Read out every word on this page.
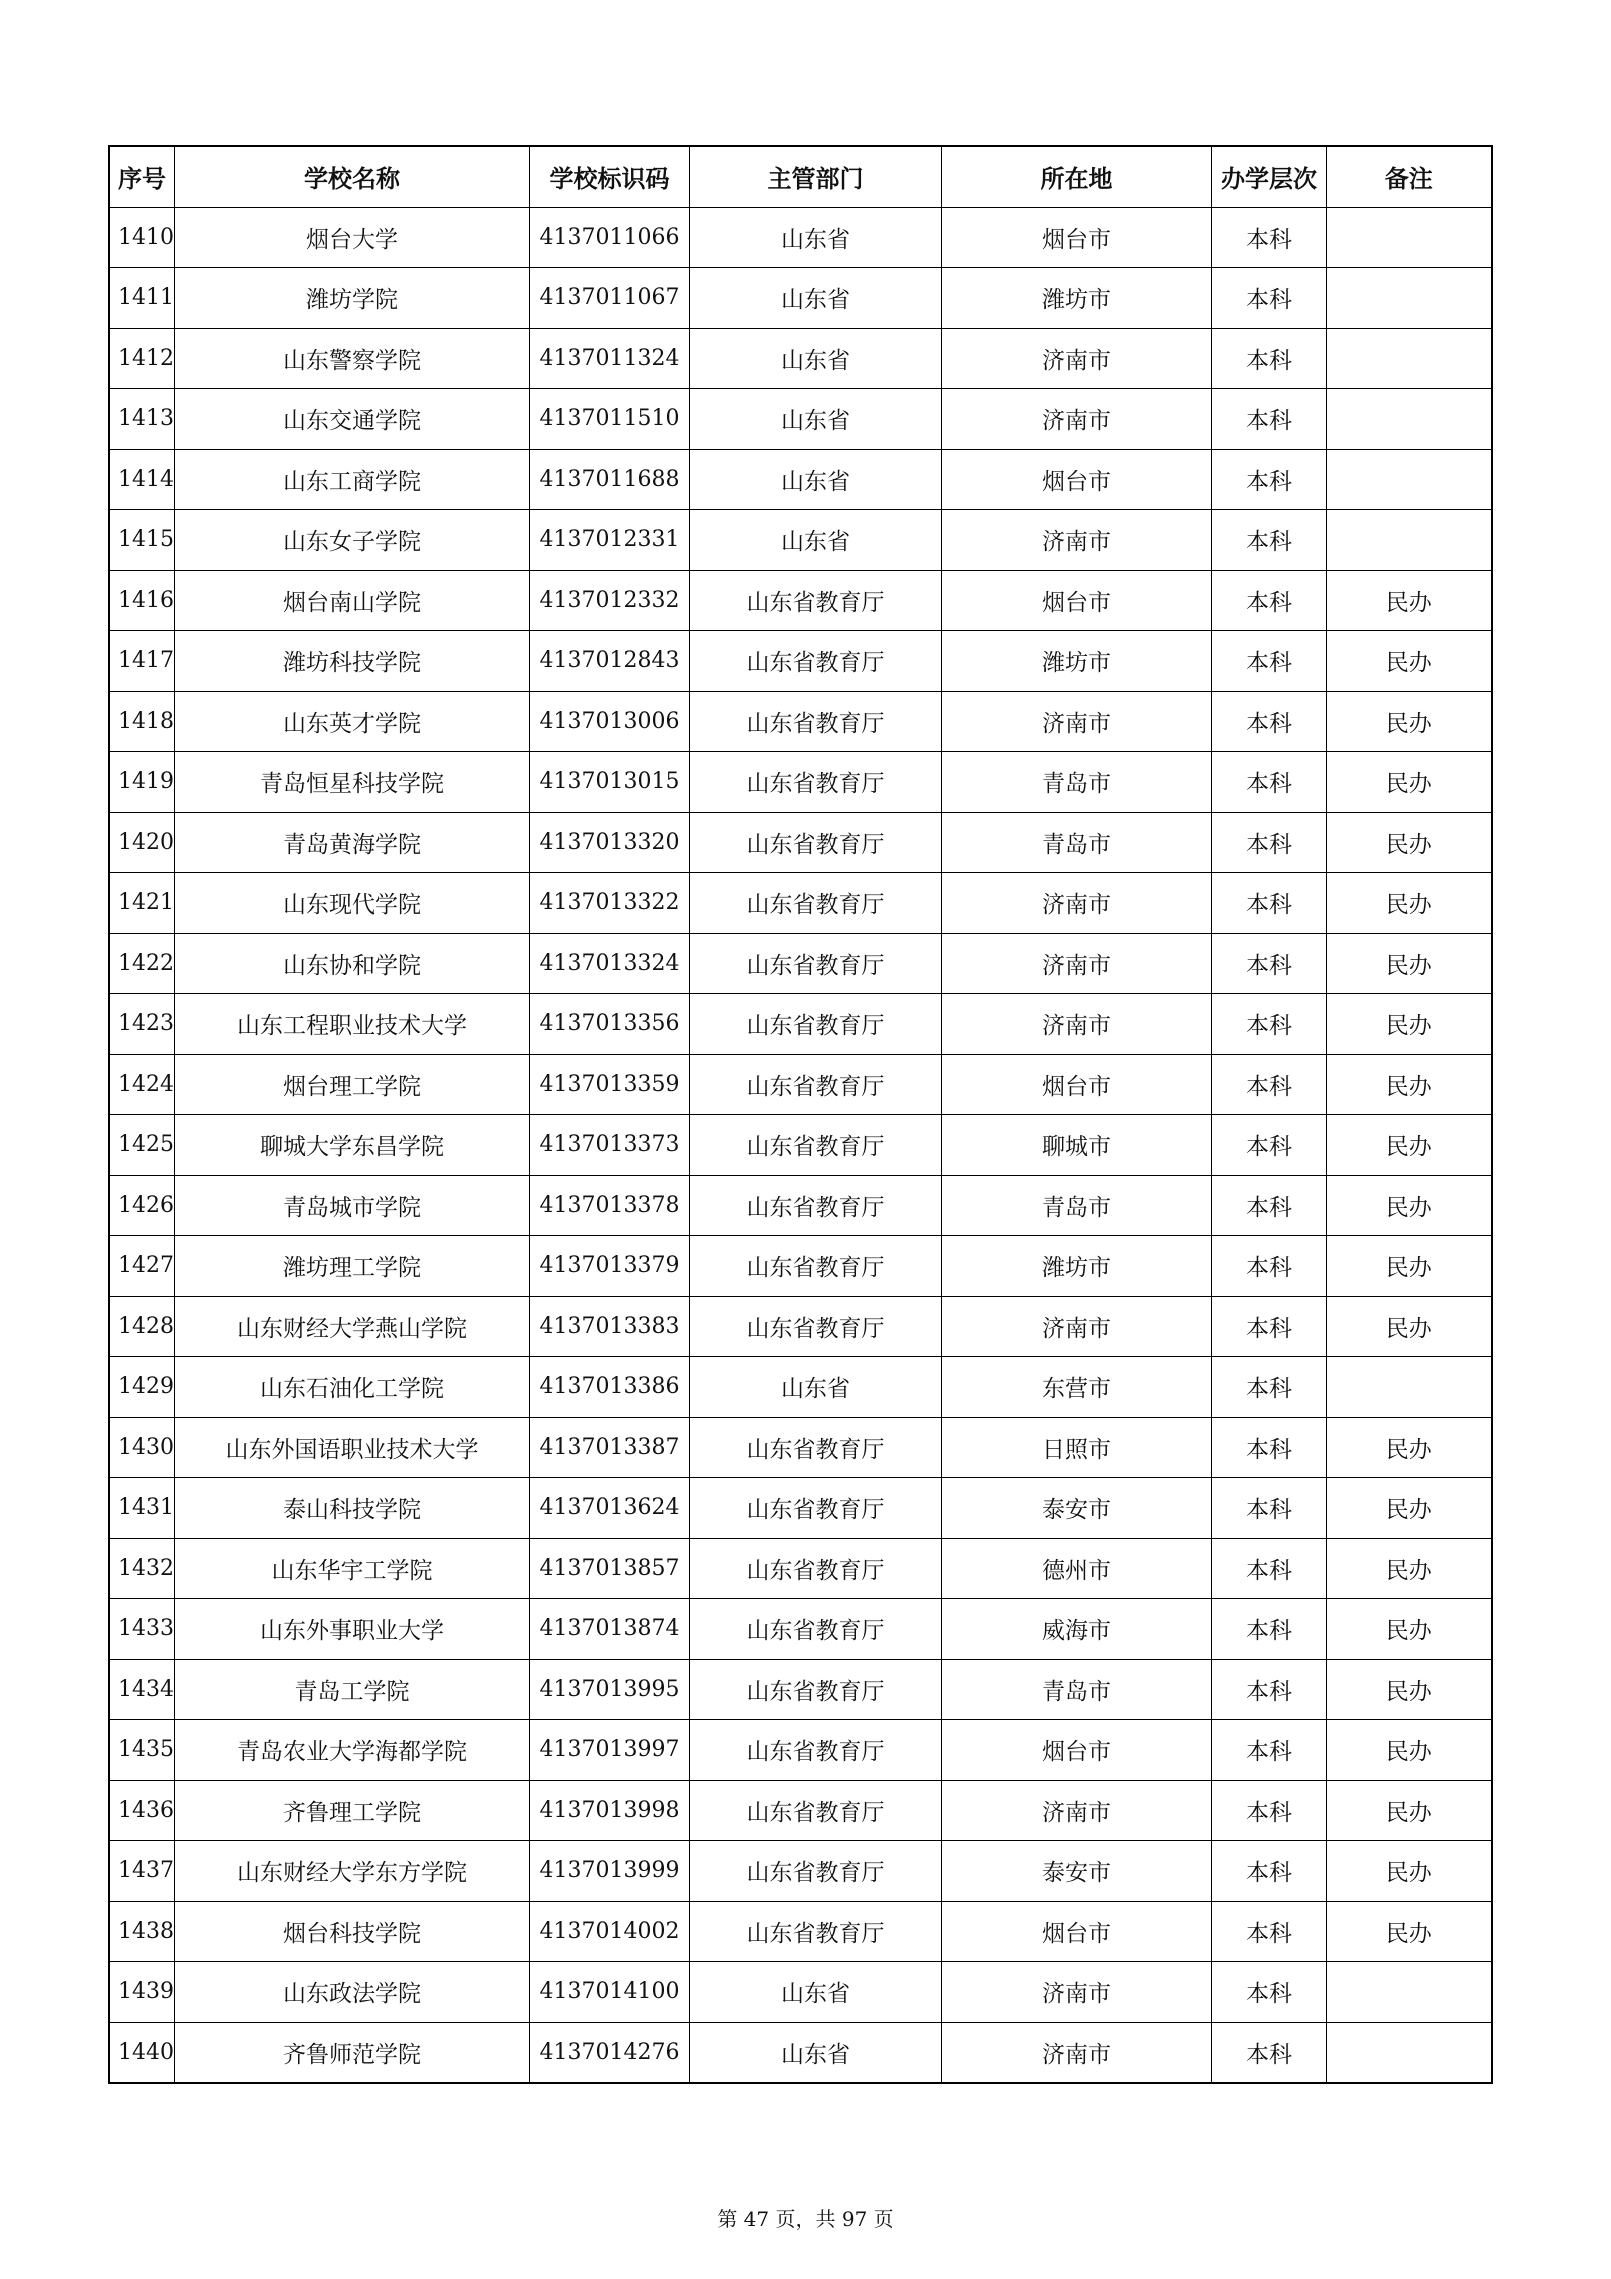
序号	学校名称	学校标识码	主管部门	所在地	办学层次	备注
1410	烟台大学	4137011066	山东省	烟台市	本科	
1411	潍坊学院	4137011067	山东省	潍坊市	本科	
1412	山东警察学院	4137011324	山东省	济南市	本科	
1413	山东交通学院	4137011510	山东省	济南市	本科	
1414	山东工商学院	4137011688	山东省	烟台市	本科	
1415	山东女子学院	4137012331	山东省	济南市	本科	
1416	烟台南山学院	4137012332	山东省教育厅	烟台市	本科	民办
1417	潍坊科技学院	4137012843	山东省教育厅	潍坊市	本科	民办
1418	山东英才学院	4137013006	山东省教育厅	济南市	本科	民办
1419	青岛恒星科技学院	4137013015	山东省教育厅	青岛市	本科	民办
1420	青岛黄海学院	4137013320	山东省教育厅	青岛市	本科	民办
1421	山东现代学院	4137013322	山东省教育厅	济南市	本科	民办
1422	山东协和学院	4137013324	山东省教育厅	济南市	本科	民办
1423	山东工程职业技术大学	4137013356	山东省教育厅	济南市	本科	民办
1424	烟台理工学院	4137013359	山东省教育厅	烟台市	本科	民办
1425	聊城大学东昌学院	4137013373	山东省教育厅	聊城市	本科	民办
1426	青岛城市学院	4137013378	山东省教育厅	青岛市	本科	民办
1427	潍坊理工学院	4137013379	山东省教育厅	潍坊市	本科	民办
1428	山东财经大学燕山学院	4137013383	山东省教育厅	济南市	本科	民办
1429	山东石油化工学院	4137013386	山东省	东营市	本科	
1430	山东外国语职业技术大学	4137013387	山东省教育厅	日照市	本科	民办
1431	泰山科技学院	4137013624	山东省教育厅	泰安市	本科	民办
1432	山东华宇工学院	4137013857	山东省教育厅	德州市	本科	民办
1433	山东外事职业大学	4137013874	山东省教育厅	威海市	本科	民办
1434	青岛工学院	4137013995	山东省教育厅	青岛市	本科	民办
1435	青岛农业大学海都学院	4137013997	山东省教育厅	烟台市	本科	民办
1436	齐鲁理工学院	4137013998	山东省教育厅	济南市	本科	民办
1437	山东财经大学东方学院	4137013999	山东省教育厅	泰安市	本科	民办
1438	烟台科技学院	4137014002	山东省教育厅	烟台市	本科	民办
1439	山东政法学院	4137014100	山东省	济南市	本科	
1440	齐鲁师范学院	4137014276	山东省	济南市	本科	
第 47 页，共 97 页
